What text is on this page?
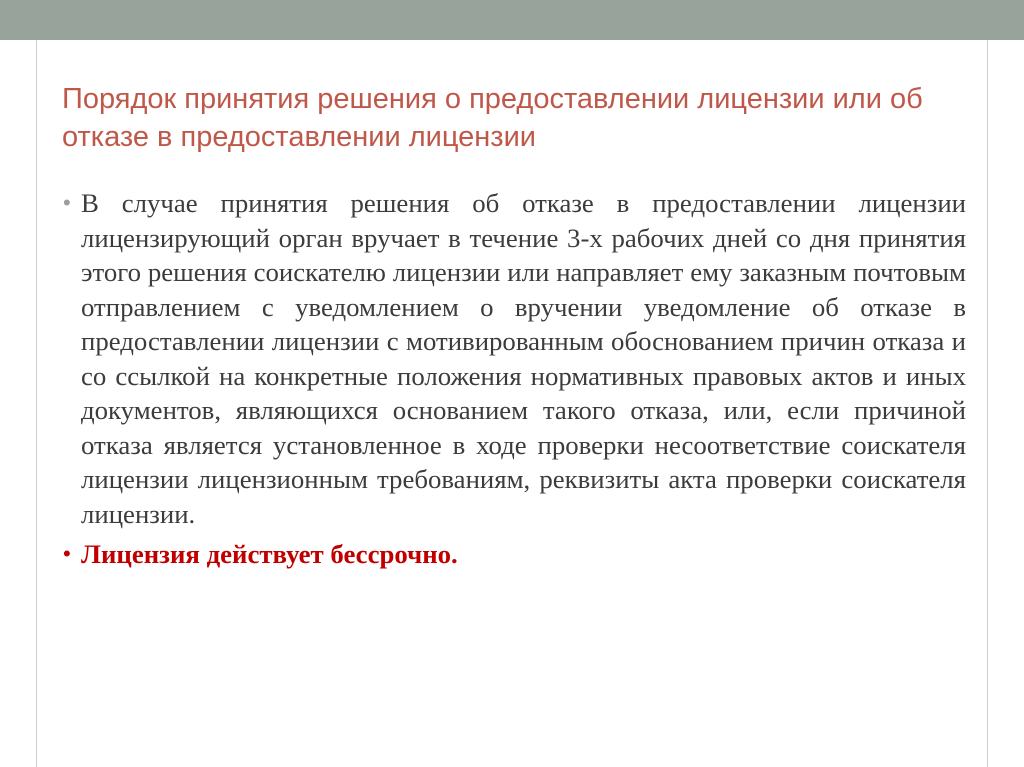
Порядок принятия решения о предоставлении лицензии или об отказе в предоставлении лицензии
• В случае принятия решения об отказе в предоставлении лицензии лицензирующий орган вручает в течение 3-х рабочих дней со дня принятия этого решения соискателю лицензии или направляет ему заказным почтовым отправлением с уведомлением о вручении уведомление об отказе в предоставлении лицензии с мотивированным обоснованием причин отказа и со ссылкой на конкретные положения нормативных правовых актов и иных документов, являющихся основанием такого отказа, или, если причиной отказа является установленное в ходе проверки несоответствие соискателя лицензии лицензионным требованиям, реквизиты акта проверки соискателя лицензии.
• Лицензия действует бессрочно.
